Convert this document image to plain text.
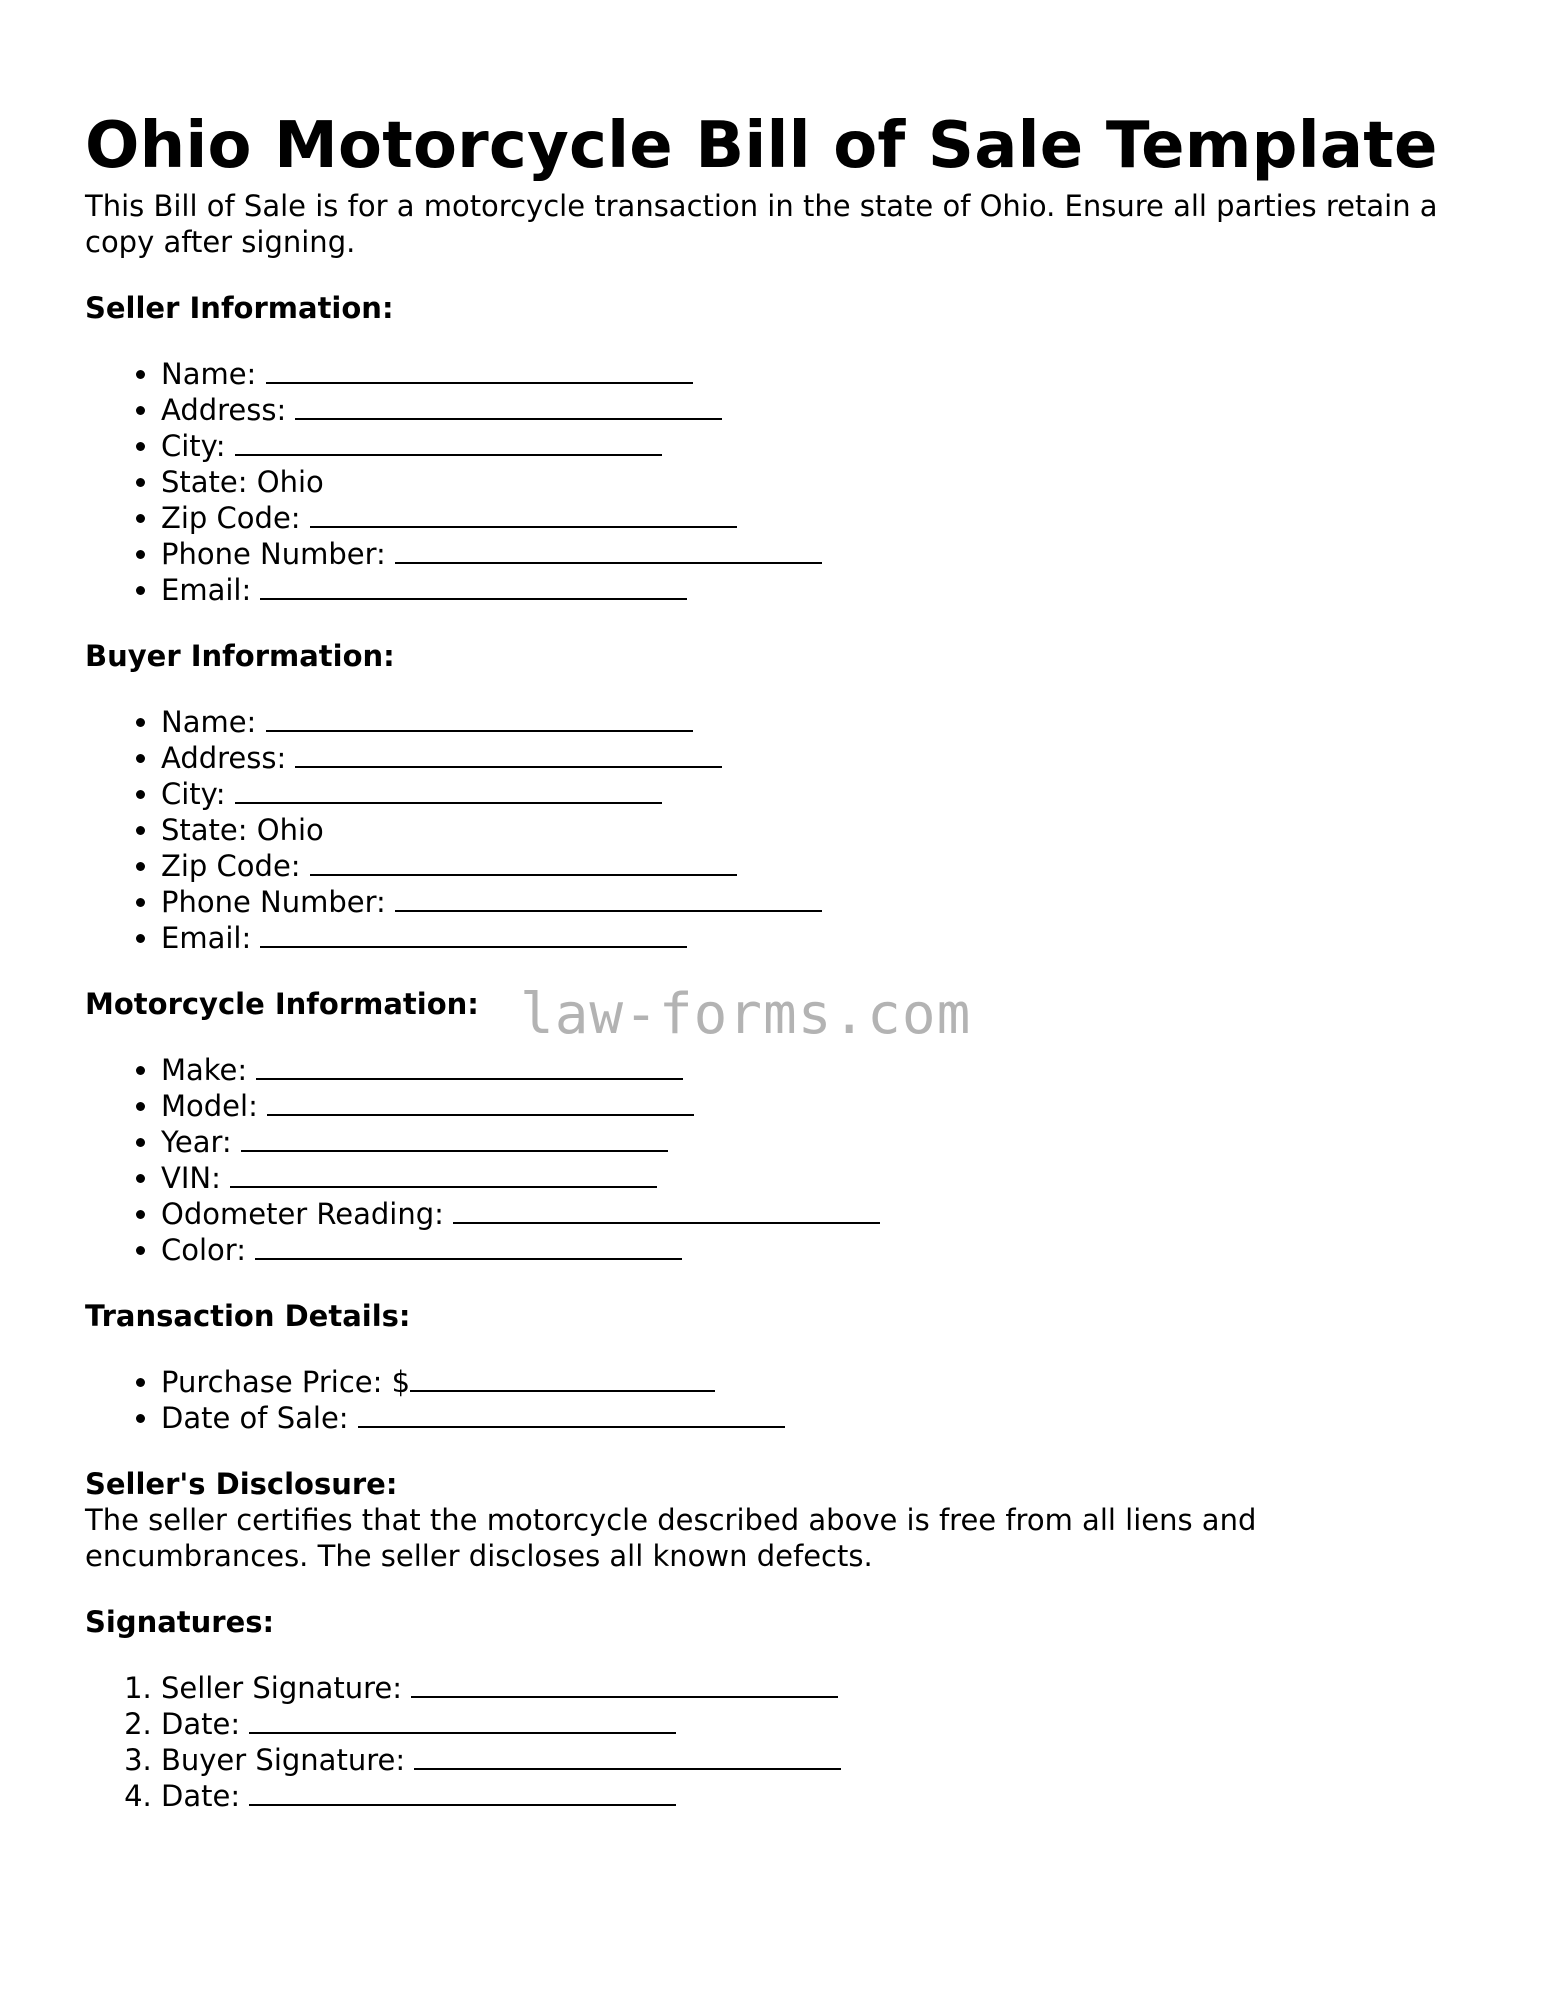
Ohio Motorcycle Bill of Sale Template

This Bill of Sale is for a motorcycle transaction in the state of Ohio. Ensure all parties retain a copy after signing.

Seller Information:
• Name:
• Address:
• City:
• State: Ohio
• Zip Code:
• Phone Number:
• Email:
Buyer Information:
• Name:
• Address:
• City:
• State: Ohio
• Zip Code:
• Phone Number:
• Email:
Motorcycle Information:
• Make:
• Model:
• Year:
• VIN:
• Odometer Reading:
• Color:
Transaction Details:
• Purchase Price: $
• Date of Sale:
Seller's Disclosure:

The seller certifies that the motorcycle described above is free from all liens and encumbrances. The seller discloses all known defects.

Signatures:
1. Seller Signature:
2. Date:
3. Buyer Signature:
4. Date:
law-forms.com
